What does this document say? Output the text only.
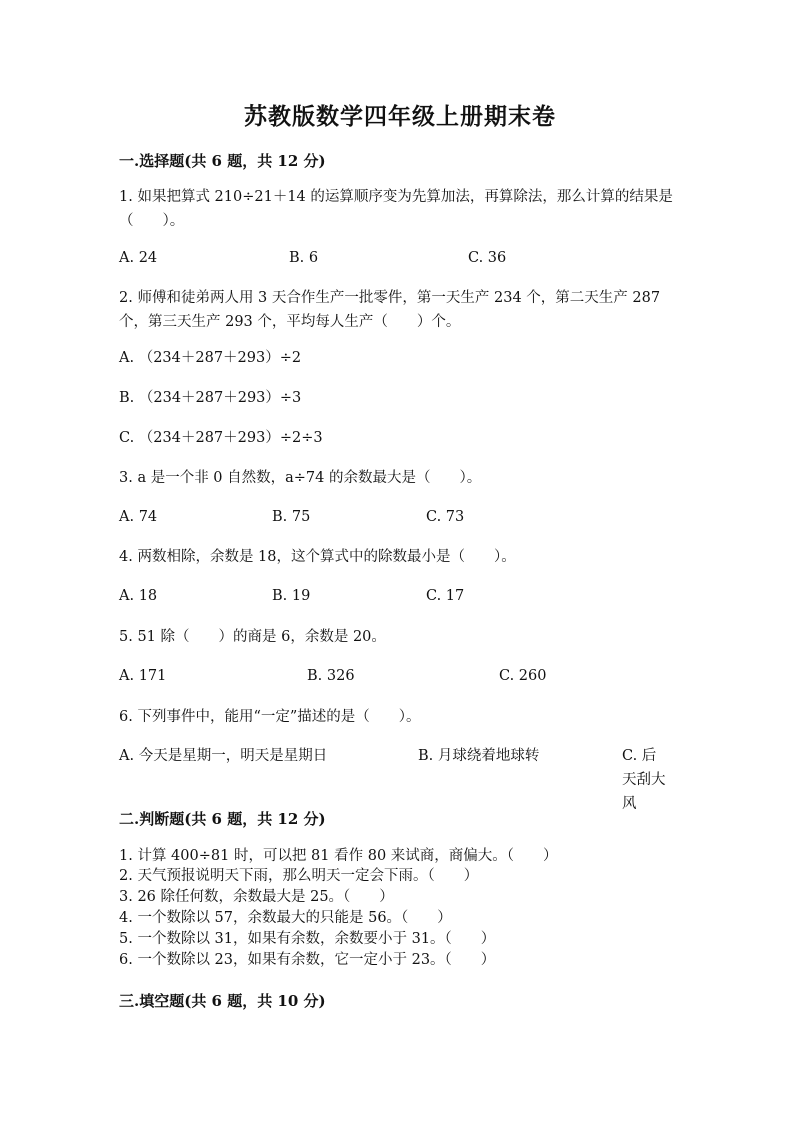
苏教版数学四年级上册期末卷
一.选择题(共 6 题，共 12 分)
1. 如果把算式 210÷21＋14 的运算顺序变为先算加法，再算除法，那么计算的结果是（　　）。
A. 24	B. 6	C. 36
2. 师傅和徒弟两人用 3 天合作生产一批零件，第一天生产 234 个，第二天生产 287 个，第三天生产 293 个，平均每人生产（　　）个。
A. （234＋287＋293）÷2
B. （234＋287＋293）÷3
C. （234＋287＋293）÷2÷3
3. a 是一个非 0 自然数，a÷74 的余数最大是（　　）。
A. 74	B. 75	C. 73
4. 两数相除，余数是 18，这个算式中的除数最小是（　　）。
A. 18	B. 19	C. 17
5. 51 除（　　）的商是 6，余数是 20。
A. 171	B. 326	C. 260
6. 下列事件中，能用“一定”描述的是（　　）。
A. 今天是星期一，明天是星期日	B. 月球绕着地球转	C. 后天刮大风
二.判断题(共 6 题，共 12 分)
1. 计算 400÷81 时，可以把 81 看作 80 来试商，商偏大。（　　）
2. 天气预报说明天下雨，那么明天一定会下雨。（　　）
3. 26 除任何数，余数最大是 25。（　　）
4. 一个数除以 57，余数最大的只能是 56。（　　）
5. 一个数除以 31，如果有余数，余数要小于 31。（　　）
6. 一个数除以 23，如果有余数，它一定小于 23。（　　）
三.填空题(共 6 题，共 10 分)
